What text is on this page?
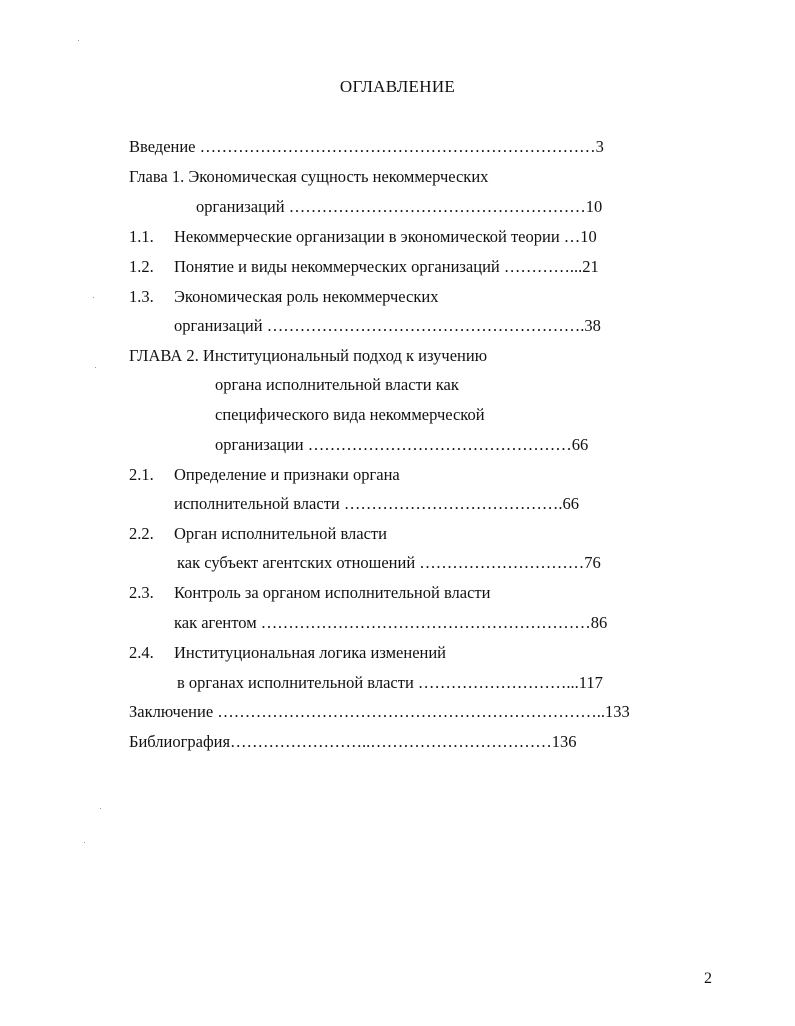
ОГЛАВЛЕНИЕ
Введение ………………………………………………………………3
Глава 1. Экономическая сущность некоммерческих
организаций ………………………………………………10
1.1. Некоммерческие организации в экономической теории …10
1.2. Понятие и виды некоммерческих организаций …………...21
1.3. Экономическая роль некоммерческих
организаций ………………………………………………….38
ГЛАВА 2. Институциональный подход к изучению
органа исполнительной власти как
специфического вида некоммерческой
организации …………………………………………66
2.1. Определение и признаки органа
исполнительной власти ………………………………….66
2.2. Орган исполнительной власти
как субъект агентских отношений …………………………76
2.3. Контроль за органом исполнительной власти
как агентом ……………………………………………………86
2.4. Институциональная логика изменений
в органах исполнительной власти ………………………...117
Заключение ……………………………………………………………..133
Библиография……………………..……………………………136
2
